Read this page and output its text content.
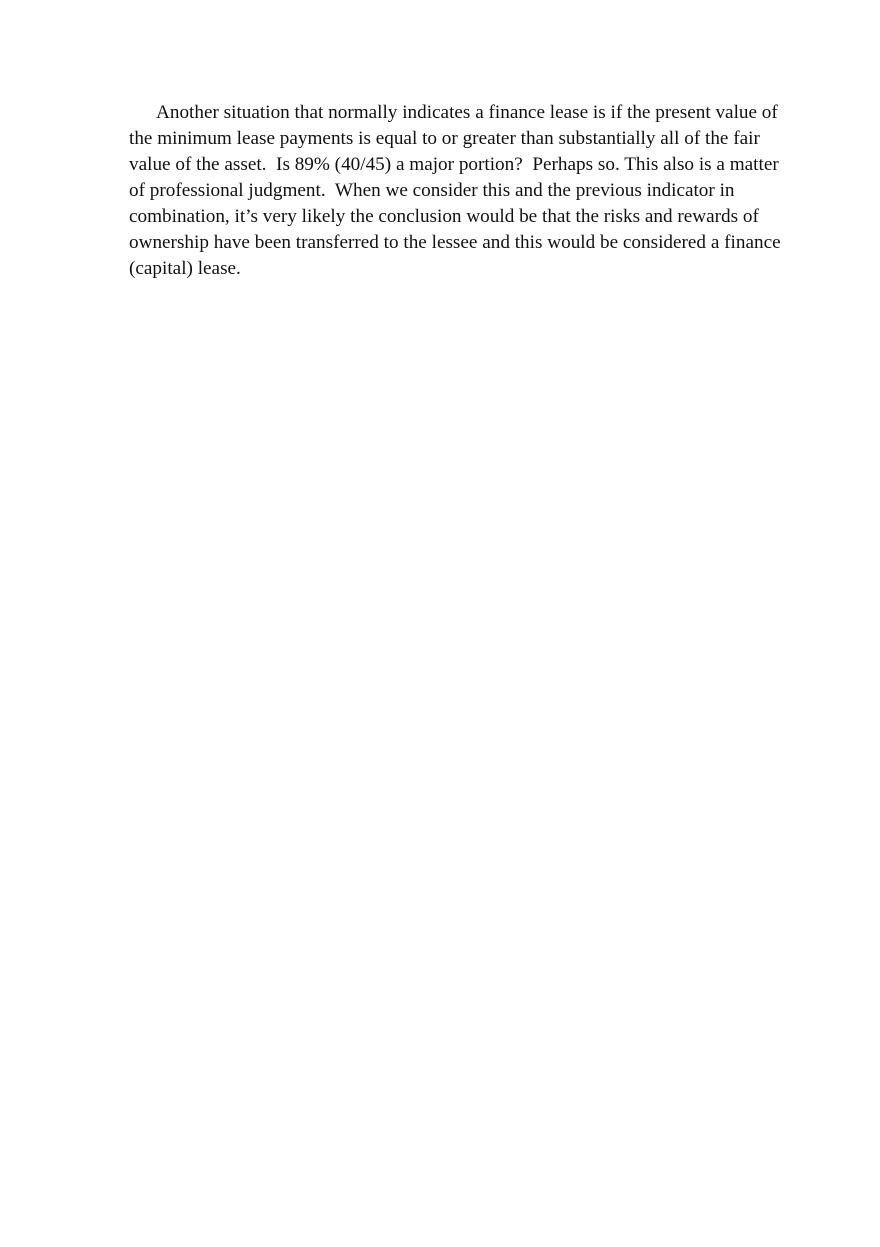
Another situation that normally indicates a finance lease is if the present value of
the minimum lease payments is equal to or greater than substantially all of the fair
value of the asset.  Is 89% (40/45) a major portion?  Perhaps so. This also is a matter
of professional judgment.  When we consider this and the previous indicator in
combination, it’s very likely the conclusion would be that the risks and rewards of
ownership have been transferred to the lessee and this would be considered a finance
(capital) lease.
